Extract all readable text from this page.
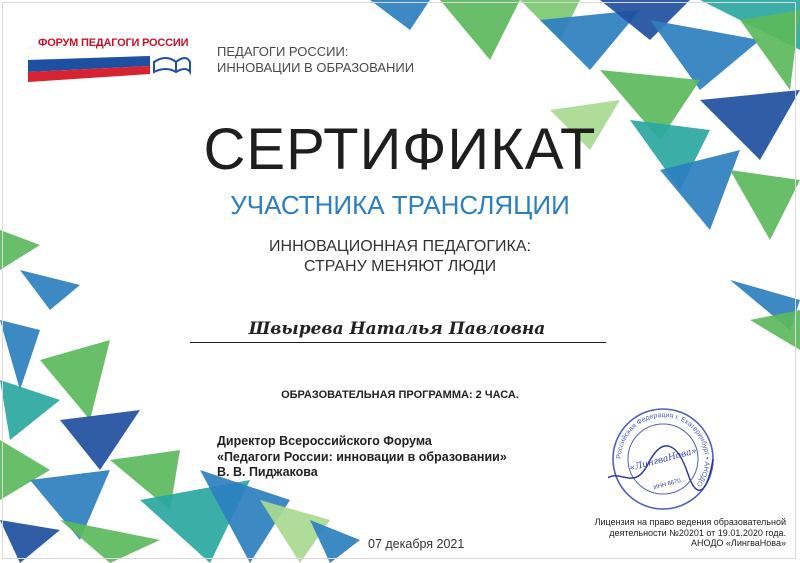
ФОРУМ ПЕДАГОГИ РОССИИ
ПЕДАГОГИ РОССИИ:
ИННОВАЦИИ В ОБРАЗОВАНИИ
СЕРТИФИКАТ
УЧАСТНИКА ТРАНСЛЯЦИИ
ИННОВАЦИОННАЯ ПЕДАГОГИКА:
СТРАНУ МЕНЯЮТ ЛЮДИ
Швырева Наталья Павловна
ОБРАЗОВАТЕЛЬНАЯ ПРОГРАММА: 2 ЧАСА.
Директор Всероссийского Форума
«Педагоги России: инновации в образовании»
В. В. Пиджакова
Российская Федерация г. Екатеринбург • АНОДО
«ЛингваНова»
ИНН 6670...
Лицензия на право ведения образовательной
деятельности №20201 от 19.01.2020 года.
АНОДО «ЛингваНова»
07 декабря 2021
